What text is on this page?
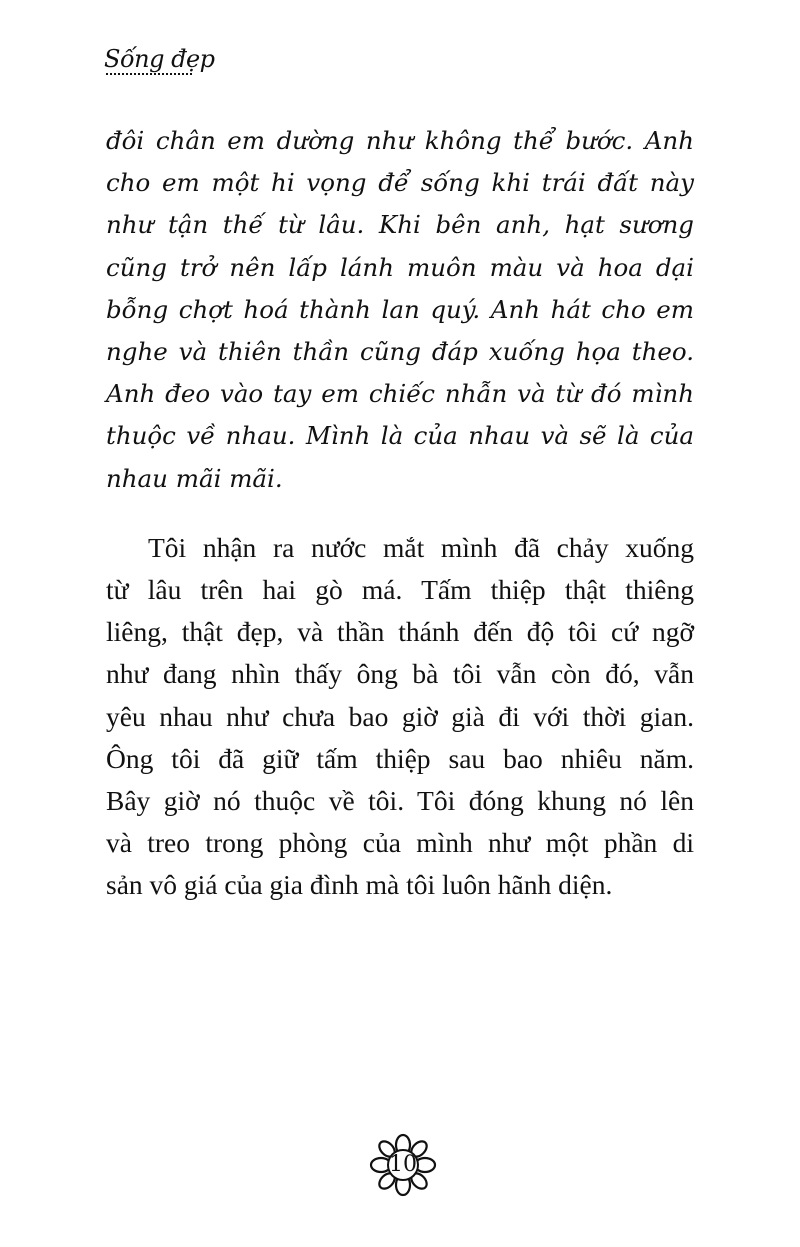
Sống đẹp
đôi chân em dường như không thể bước. Anh
cho em một hi vọng để sống khi trái đất này
như tận thế từ lâu. Khi bên anh, hạt sương
cũng trở nên lấp lánh muôn màu và hoa dại
bỗng chợt hoá thành lan quý. Anh hát cho em
nghe và thiên thần cũng đáp xuống họa theo.
Anh đeo vào tay em chiếc nhẫn và từ đó mình
thuộc về nhau. Mình là của nhau và sẽ là của
nhau mãi mãi.
Tôi nhận ra nước mắt mình đã chảy xuống
từ lâu trên hai gò má. Tấm thiệp thật thiêng
liêng, thật đẹp, và thần thánh đến độ tôi cứ ngỡ
như đang nhìn thấy ông bà tôi vẫn còn đó, vẫn
yêu nhau như chưa bao giờ già đi với thời gian.
Ông tôi đã giữ tấm thiệp sau bao nhiêu năm.
Bây giờ nó thuộc về tôi. Tôi đóng khung nó lên
và treo trong phòng của mình như một phần di
sản vô giá của gia đình mà tôi luôn hãnh diện.
10
